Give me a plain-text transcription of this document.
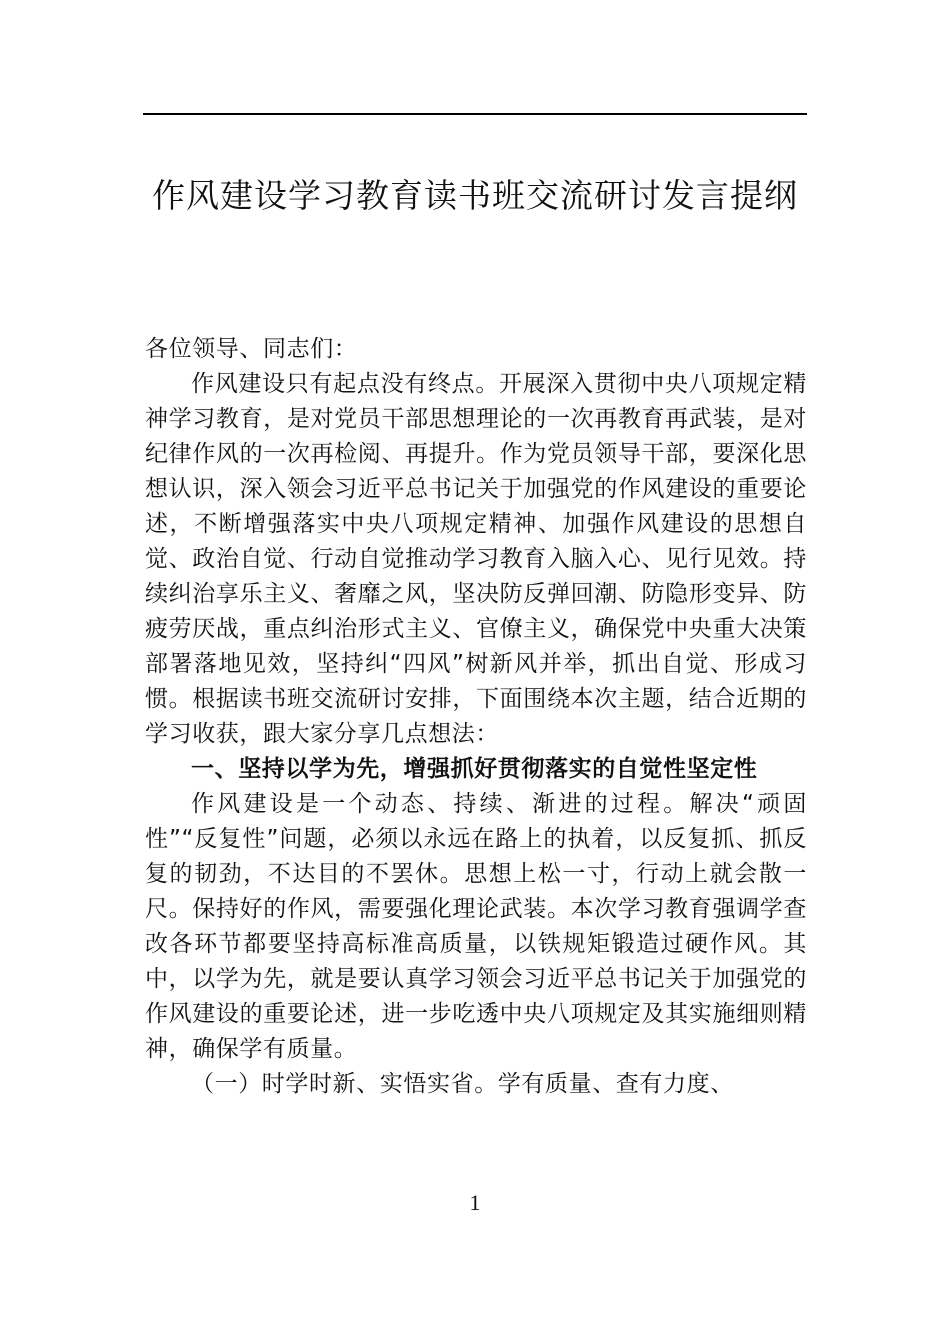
作风建设学习教育读书班交流研讨发言提纲

各位领导、同志们：

作风建设只有起点没有终点。开展深入贯彻中央八项规定精神学习教育，是对党员干部思想理论的一次再教育再武装，是对纪律作风的一次再检阅、再提升。作为党员领导干部，要深化思想认识，深入领会习近平总书记关于加强党的作风建设的重要论述，不断增强落实中央八项规定精神、加强作风建设的思想自觉、政治自觉、行动自觉推动学习教育入脑入心、见行见效。持续纠治享乐主义、奢靡之风，坚决防反弹回潮、防隐形变异、防疲劳厌战，重点纠治形式主义、官僚主义，确保党中央重大决策部署落地见效，坚持纠“四风”树新风并举，抓出自觉、形成习惯。根据读书班交流研讨安排，下面围绕本次主题，结合近期的学习收获，跟大家分享几点想法：

一、坚持以学为先，增强抓好贯彻落实的自觉性坚定性

作风建设是一个动态、持续、渐进的过程。解决“顽固性”“反复性”问题，必须以永远在路上的执着，以反复抓、抓反复的韧劲，不达目的不罢休。思想上松一寸，行动上就会散一尺。保持好的作风，需要强化理论武装。本次学习教育强调学查改各环节都要坚持高标准高质量，以铁规矩锻造过硬作风。其中，以学为先，就是要认真学习领会习近平总书记关于加强党的作风建设的重要论述，进一步吃透中央八项规定及其实施细则精神，确保学有质量。

（一）时学时新、实悟实省。学有质量、查有力度、

1
